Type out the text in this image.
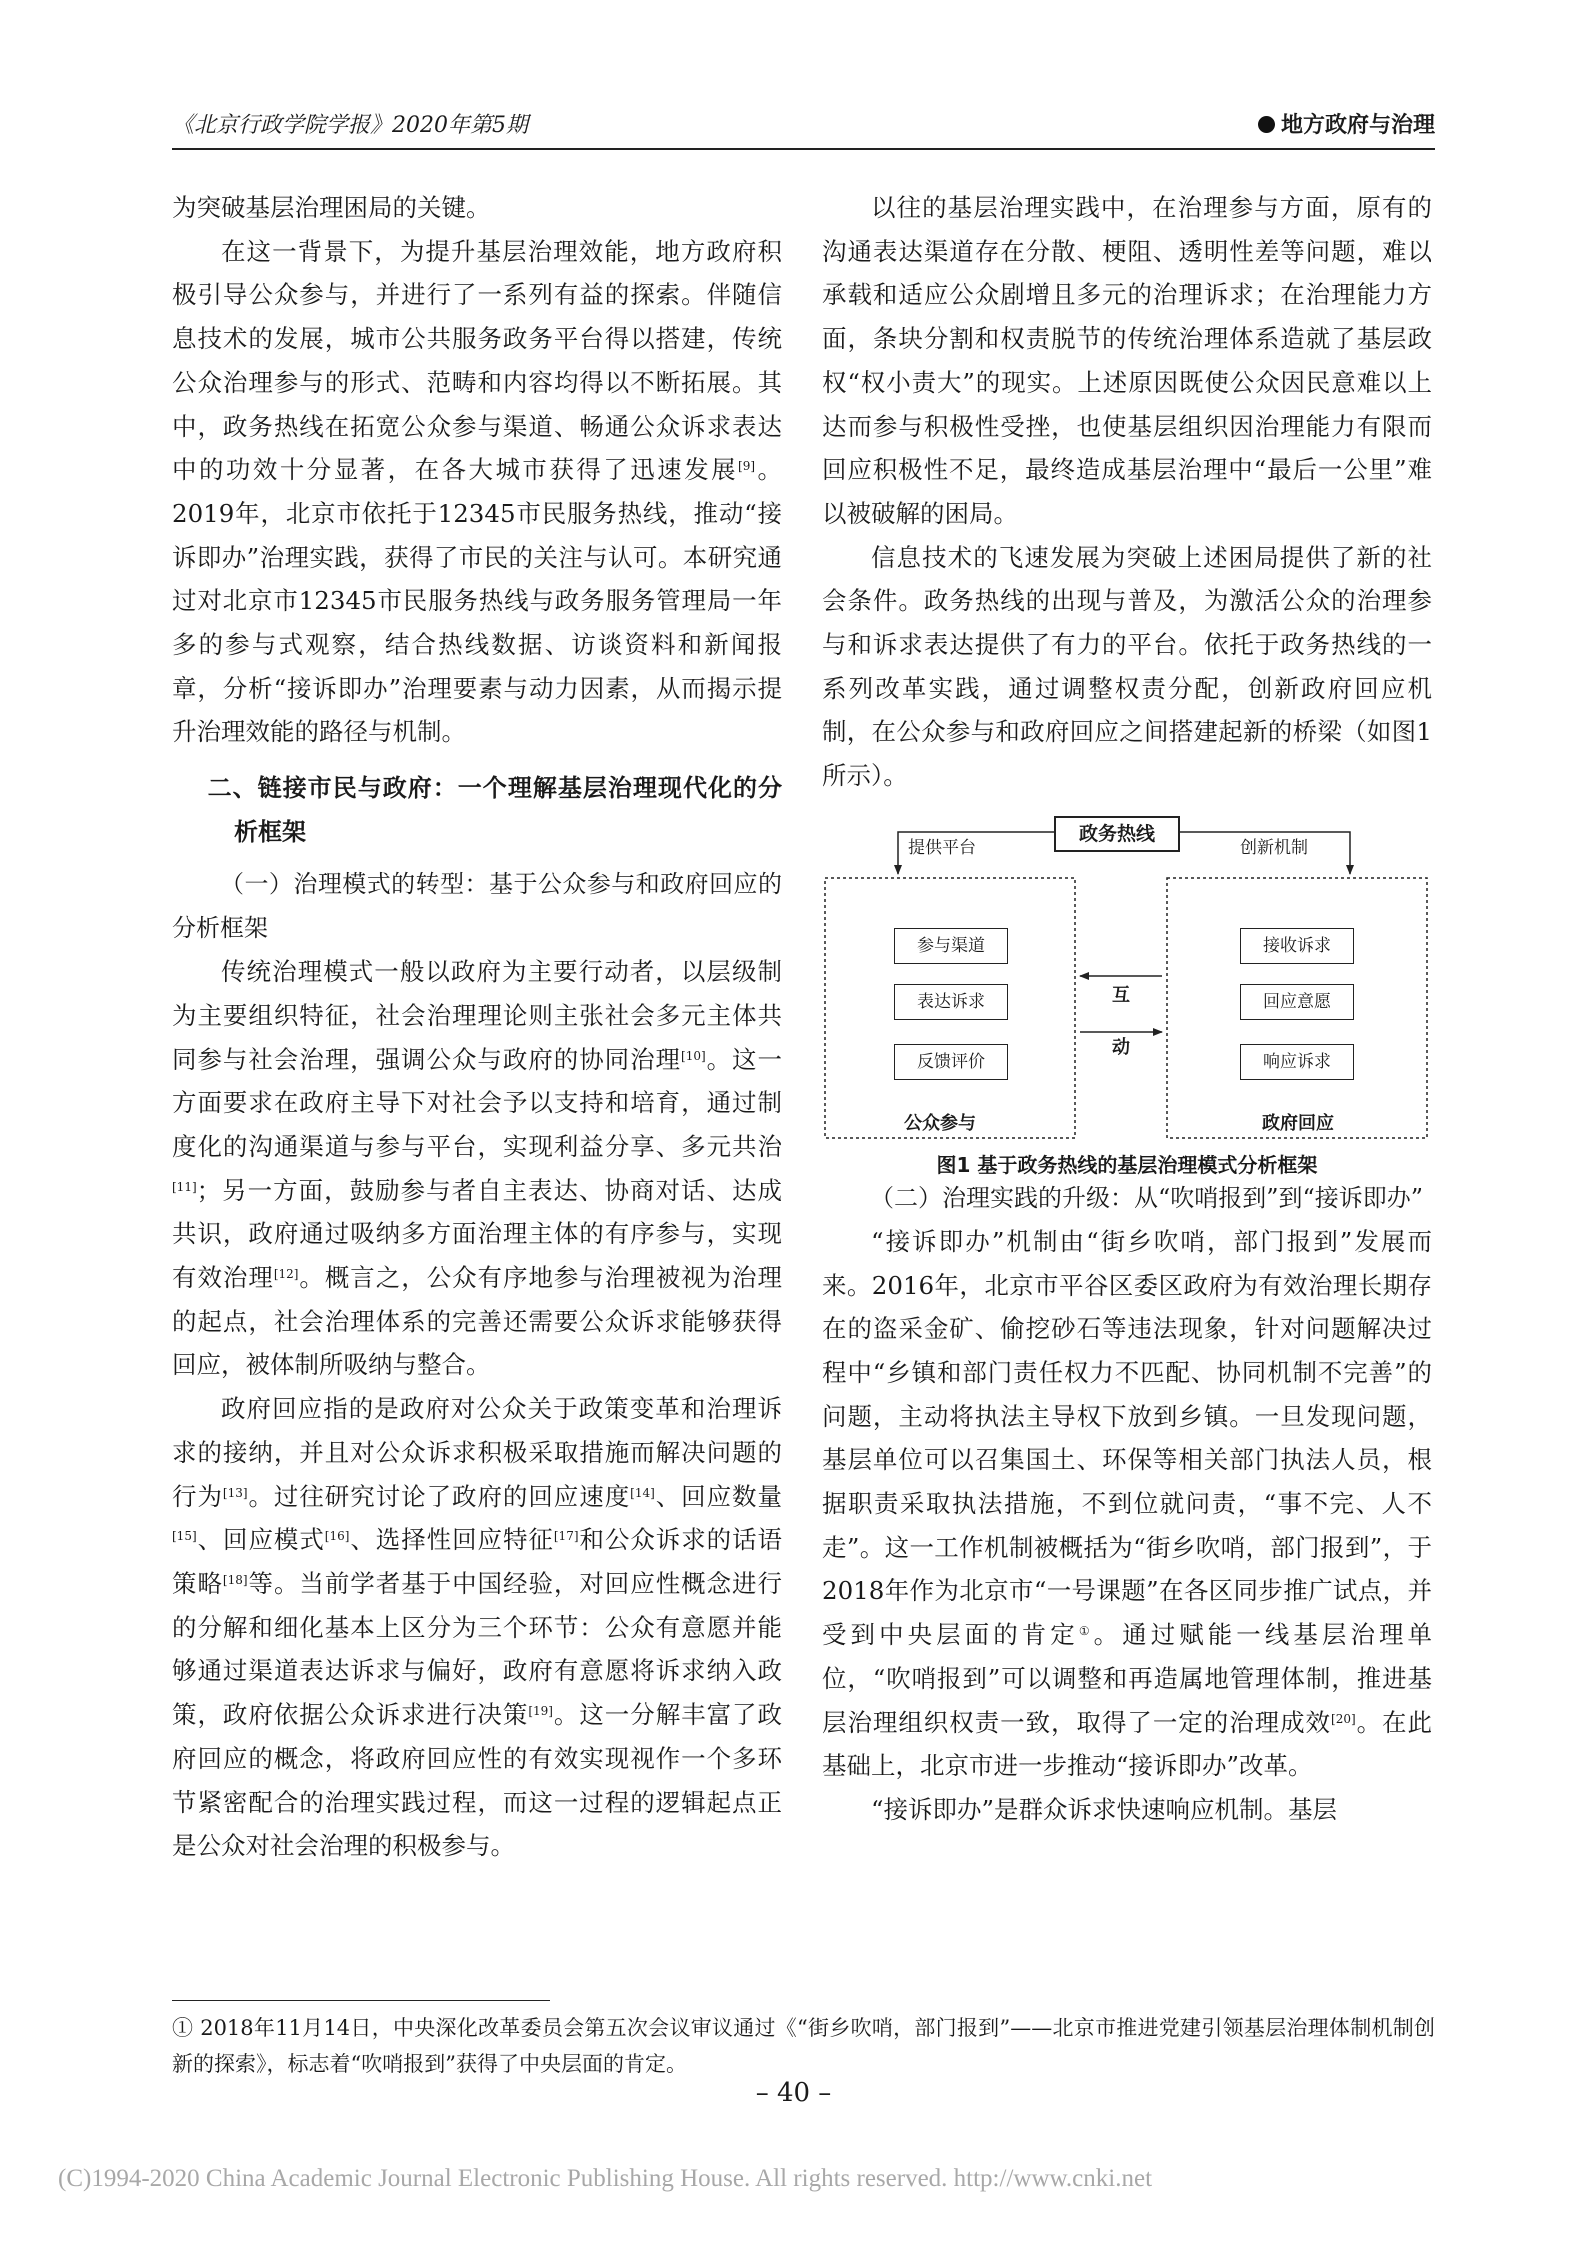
《北京行政学院学报》2020年第5期	地方政府与治理

为突破基层治理困局的关键。

在这一背景下，为提升基层治理效能，地方政府积极引导公众参与，并进行了一系列有益的探索。伴随信息技术的发展，城市公共服务政务平台得以搭建，传统公众治理参与的形式、范畴和内容均得以不断拓展。其中，政务热线在拓宽公众参与渠道、畅通公众诉求表达中的功效十分显著，在各大城市获得了迅速发展[9]。2019年，北京市依托于12345市民服务热线，推动“接诉即办”治理实践，获得了市民的关注与认可。本研究通过对北京市12345市民服务热线与政务服务管理局一年多的参与式观察，结合热线数据、访谈资料和新闻报章，分析“接诉即办”治理要素与动力因素，从而揭示提升治理效能的路径与机制。

二、链接市民与政府：一个理解基层治理现代化的分析框架
（一）治理模式的转型：基于公众参与和政府回应的分析框架

传统治理模式一般以政府为主要行动者，以层级制为主要组织特征，社会治理理论则主张社会多元主体共同参与社会治理，强调公众与政府的协同治理[10]。这一方面要求在政府主导下对社会予以支持和培育，通过制度化的沟通渠道与参与平台，实现利益分享、多元共治[11]；另一方面，鼓励参与者自主表达、协商对话、达成共识，政府通过吸纳多方面治理主体的有序参与，实现有效治理[12]。概言之，公众有序地参与治理被视为治理的起点，社会治理体系的完善还需要公众诉求能够获得回应，被体制所吸纳与整合。

政府回应指的是政府对公众关于政策变革和治理诉求的接纳，并且对公众诉求积极采取措施而解决问题的行为[13]。过往研究讨论了政府的回应速度[14]、回应数量[15]、回应模式[16]、选择性回应特征[17]和公众诉求的话语策略[18]等。当前学者基于中国经验，对回应性概念进行的分解和细化基本上区分为三个环节：公众有意愿并能够通过渠道表达诉求与偏好，政府有意愿将诉求纳入政策，政府依据公众诉求进行决策[19]。这一分解丰富了政府回应的概念，将政府回应性的有效实现视作一个多环节紧密配合的治理实践过程，而这一过程的逻辑起点正是公众对社会治理的积极参与。

以往的基层治理实践中，在治理参与方面，原有的沟通表达渠道存在分散、梗阻、透明性差等问题，难以承载和适应公众剧增且多元的治理诉求；在治理能力方面，条块分割和权责脱节的传统治理体系造就了基层政权“权小责大”的现实。上述原因既使公众因民意难以上达而参与积极性受挫，也使基层组织因治理能力有限而回应积极性不足，最终造成基层治理中“最后一公里”难以被破解的困局。

信息技术的飞速发展为突破上述困局提供了新的社会条件。政务热线的出现与普及，为激活公众的治理参与和诉求表达提供了有力的平台。依托于政务热线的一系列改革实践，通过调整权责分配，创新政府回应机制，在公众参与和政府回应之间搭建起新的桥梁（如图1所示）。

政务热线
提供平台	创新机制
参与渠道
表达诉求
反馈评价
接收诉求
回应意愿
响应诉求
互
动
公众参与	政府回应
图1 基于政务热线的基层治理模式分析框架
（二）治理实践的升级：从“吹哨报到”到“接诉即办”

“接诉即办”机制由“街乡吹哨，部门报到”发展而来。2016年，北京市平谷区委区政府为有效治理长期存在的盗采金矿、偷挖砂石等违法现象，针对问题解决过程中“乡镇和部门责任权力不匹配、协同机制不完善”的问题，主动将执法主导权下放到乡镇。一旦发现问题，基层单位可以召集国土、环保等相关部门执法人员，根据职责采取执法措施，不到位就问责，“事不完、人不走”。这一工作机制被概括为“街乡吹哨，部门报到”，于2018年作为北京市“一号课题”在各区同步推广试点，并受到中央层面的肯定①。通过赋能一线基层治理单位，“吹哨报到”可以调整和再造属地管理体制，推进基层治理组织权责一致，取得了一定的治理成效[20]。在此基础上，北京市进一步推动“接诉即办”改革。

“接诉即办”是群众诉求快速响应机制。基层

① 2018年11月14日，中央深化改革委员会第五次会议审议通过《“街乡吹哨，部门报到”——北京市推进党建引领基层治理体制机制创新的探索》，标志着“吹哨报到”获得了中央层面的肯定。
– 40 –
(C)1994-2020 China Academic Journal Electronic Publishing House. All rights reserved. http://www.cnki.net
